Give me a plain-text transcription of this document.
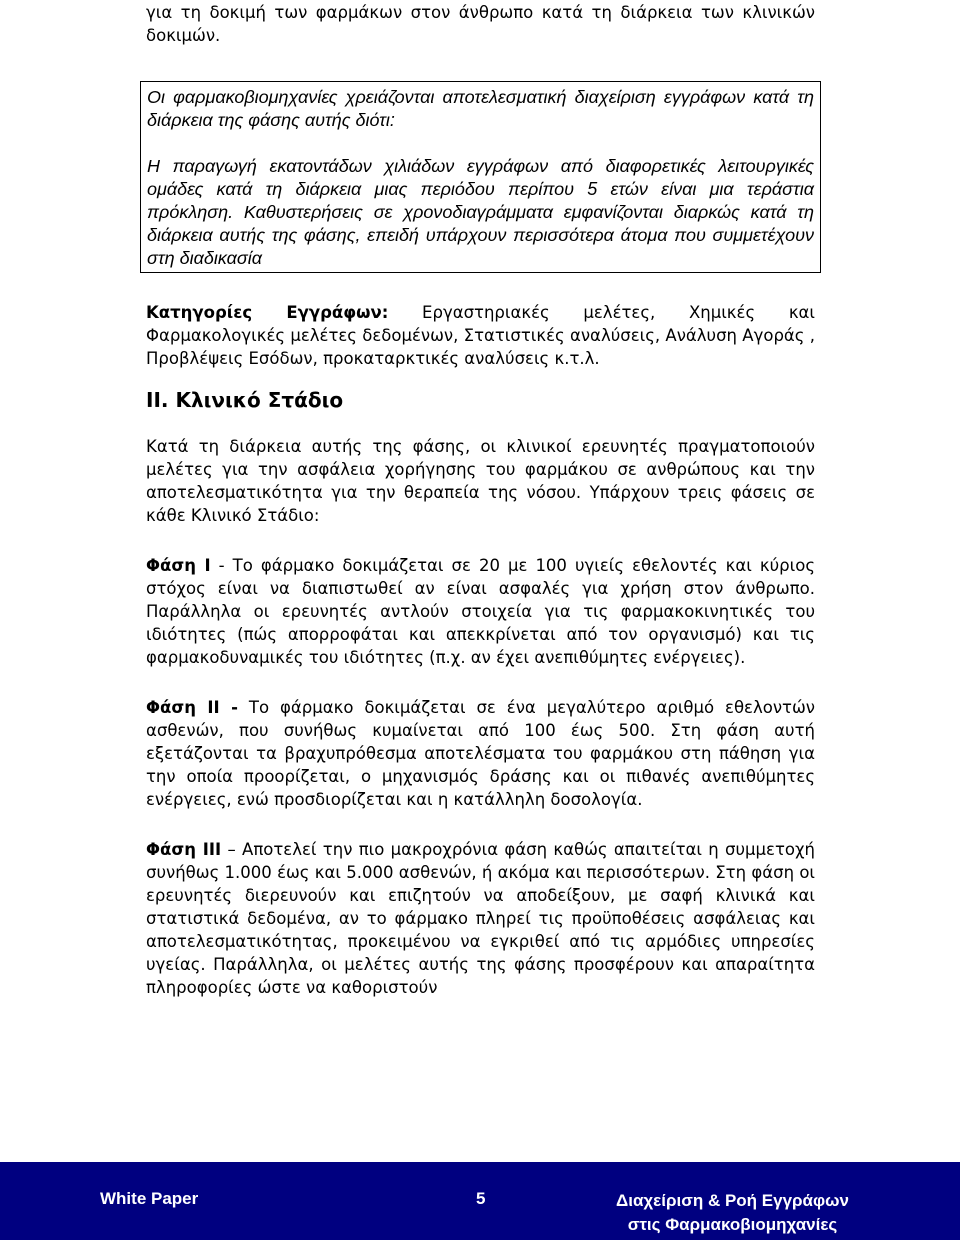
για τη δοκιμή των φαρμάκων στον άνθρωπο κατά τη διάρκεια των κλινικών δοκιμών.

Οι φαρμακοβιομηχανίες χρειάζονται αποτελεσματική διαχείριση εγγράφων κατά τη διάρκεια της φάσης αυτής διότι:

Η παραγωγή εκατοντάδων χιλιάδων εγγράφων από διαφορετικές λειτουργικές ομάδες κατά τη διάρκεια μιας περιόδου περίπου 5 ετών είναι μια τεράστια πρόκληση. Καθυστερήσεις σε χρονοδιαγράμματα εμφανίζονται διαρκώς κατά τη διάρκεια αυτής της φάσης, επειδή υπάρχουν περισσότερα άτομα που συμμετέχουν στη διαδικασία

Κατηγορίες Εγγράφων: Εργαστηριακές μελέτες, Χημικές και Φαρμακολογικές μελέτες δεδομένων, Στατιστικές αναλύσεις, Ανάλυση Αγοράς , Προβλέψεις Εσόδων, προκαταρκτικές αναλύσεις κ.τ.λ.

ΙΙ. Κλινικό Στάδιο

Κατά τη διάρκεια αυτής της φάσης, οι κλινικοί ερευνητές πραγματοποιούν μελέτες για την ασφάλεια χορήγησης του φαρμάκου σε ανθρώπους και την αποτελεσματικότητα για την θεραπεία της νόσου. Υπάρχουν τρεις φάσεις σε κάθε Κλινικό Στάδιο:

Φάση Ι - Το φάρμακο δοκιμάζεται σε 20 με 100 υγιείς εθελοντές και κύριος στόχος είναι να διαπιστωθεί αν είναι ασφαλές για χρήση στον άνθρωπο. Παράλληλα οι ερευνητές αντλούν στοιχεία για τις φαρμακοκινητικές του ιδιότητες (πώς απορροφάται και απεκκρίνεται από τον οργανισμό) και τις φαρμακοδυναμικές του ιδιότητες (π.χ. αν έχει ανεπιθύμητες ενέργειες).

Φάση ΙΙ - Το φάρμακο δοκιμάζεται σε ένα μεγαλύτερο αριθμό εθελοντών ασθενών, που συνήθως κυμαίνεται από 100 έως 500. Στη φάση αυτή εξετάζονται τα βραχυπρόθεσμα αποτελέσματα του φαρμάκου στη πάθηση για την οποία προορίζεται, ο μηχανισμός δράσης και οι πιθανές ανεπιθύμητες ενέργειες, ενώ προσδιορίζεται και η κατάλληλη δοσολογία.

Φάση ΙΙΙ – Αποτελεί την πιο μακροχρόνια φάση καθώς απαιτείται η συμμετοχή συνήθως 1.000 έως και 5.000 ασθενών, ή ακόμα και περισσότερων. Στη φάση οι ερευνητές διερευνούν και επιζητούν να αποδείξουν, με σαφή κλινικά και στατιστικά δεδομένα, αν το φάρμακο πληρεί τις προϋποθέσεις ασφάλειας και αποτελεσματικότητας, προκειμένου να εγκριθεί από τις αρμόδιες υπηρεσίες υγείας. Παράλληλα, οι μελέτες αυτής της φάσης προσφέρουν και απαραίτητα πληροφορίες ώστε να καθοριστούν

White Paper	5	Διαχείριση & Ροή Εγγράφων
στις Φαρμακοβιομηχανίες
